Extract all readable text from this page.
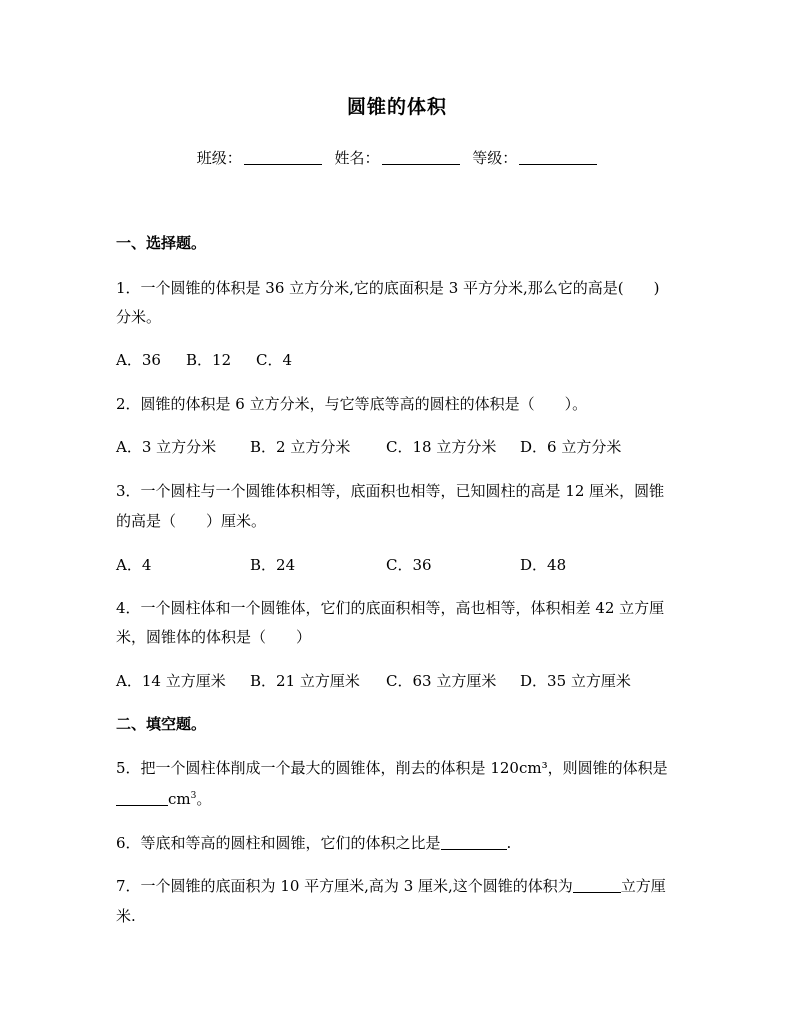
圆锥的体积
班级：	姓名：	等级：
一、选择题。
1．一个圆锥的体积是 36 立方分米,它的底面积是 3 平方分米,那么它的高是(　　)
分米。
A．36 B．12 C．4
2．圆锥的体积是 6 立方分米，与它等底等高的圆柱的体积是（　　）。
A．3 立方分米 B．2 立方分米 C．18 立方分米 D．6 立方分米
3．一个圆柱与一个圆锥体积相等，底面积也相等，已知圆柱的高是 12 厘米，圆锥
的高是（　　）厘米。
A．4	B．24	C．36	D．48
4．一个圆柱体和一个圆锥体，它们的底面积相等，高也相等，体积相差 42 立方厘
米，圆锥体的体积是（　　）
A．14 立方厘米 B．21 立方厘米 C．63 立方厘米 D．35 立方厘米
二、填空题。
5．把一个圆柱体削成一个最大的圆锥体，削去的体积是 120cm³，则圆锥的体积是
$cm^3$。
6．等底和等高的圆柱和圆锥，它们的体积之比是	.
7．一个圆锥的底面积为 10 平方厘米,高为 3 厘米,这个圆锥的体积为	立方厘
米.
